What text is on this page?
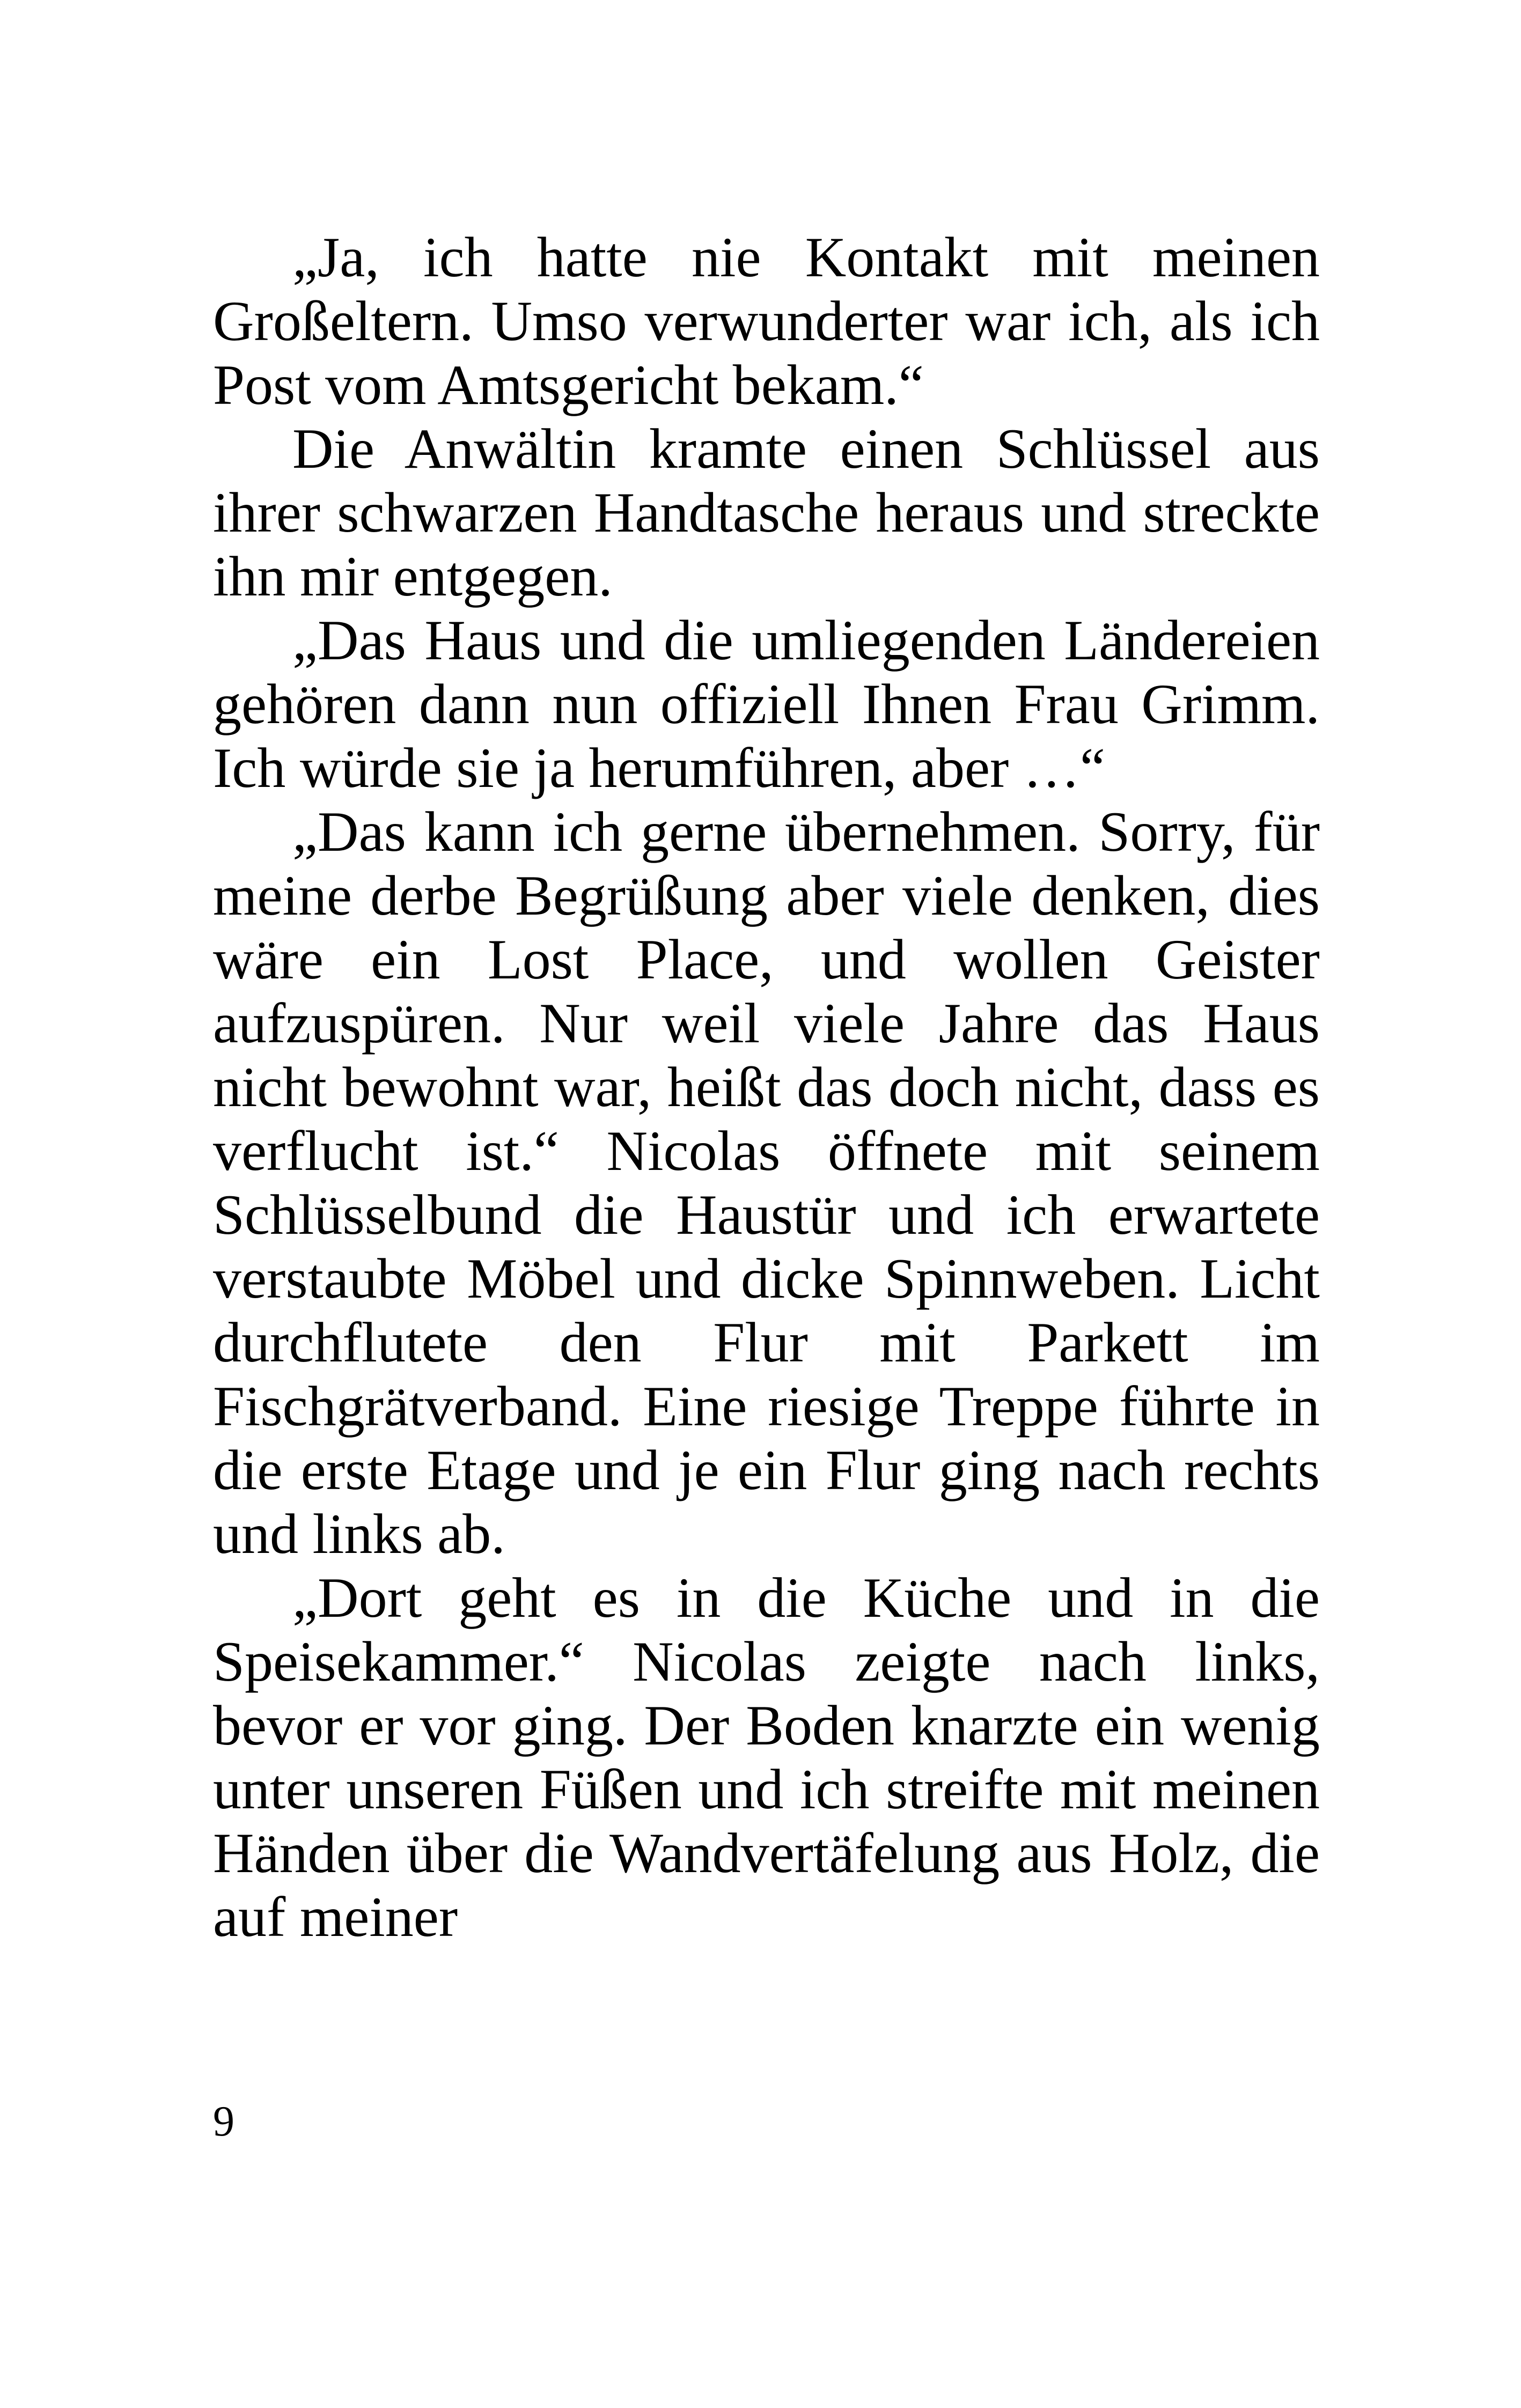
„Ja, ich hatte nie Kontakt mit meinen Großeltern. Umso verwunderter war ich, als ich Post vom Amtsgericht bekam.“

Die Anwältin kramte einen Schlüssel aus ihrer schwarzen Handtasche heraus und streckte ihn mir entgegen.

„Das Haus und die umliegenden Ländereien gehören dann nun offiziell Ihnen Frau Grimm. Ich würde sie ja herumführen, aber …“

„Das kann ich gerne übernehmen. Sorry, für meine derbe Begrüßung aber viele denken, dies wäre ein Lost Place, und wollen Geister aufzuspüren. Nur weil viele Jahre das Haus nicht bewohnt war, heißt das doch nicht, dass es verflucht ist.“ Nicolas öffnete mit seinem Schlüsselbund die Haustür und ich erwartete verstaubte Möbel und dicke Spinnweben. Licht durchflutete den Flur mit Parkett im Fischgrätverband. Eine riesige Treppe führte in die erste Etage und je ein Flur ging nach rechts und links ab.

„Dort geht es in die Küche und in die Speisekammer.“ Nicolas zeigte nach links, bevor er vor ging. Der Boden knarzte ein wenig unter unseren Füßen und ich streifte mit meinen Händen über die Wandvertäfelung aus Holz, die auf meiner

9
